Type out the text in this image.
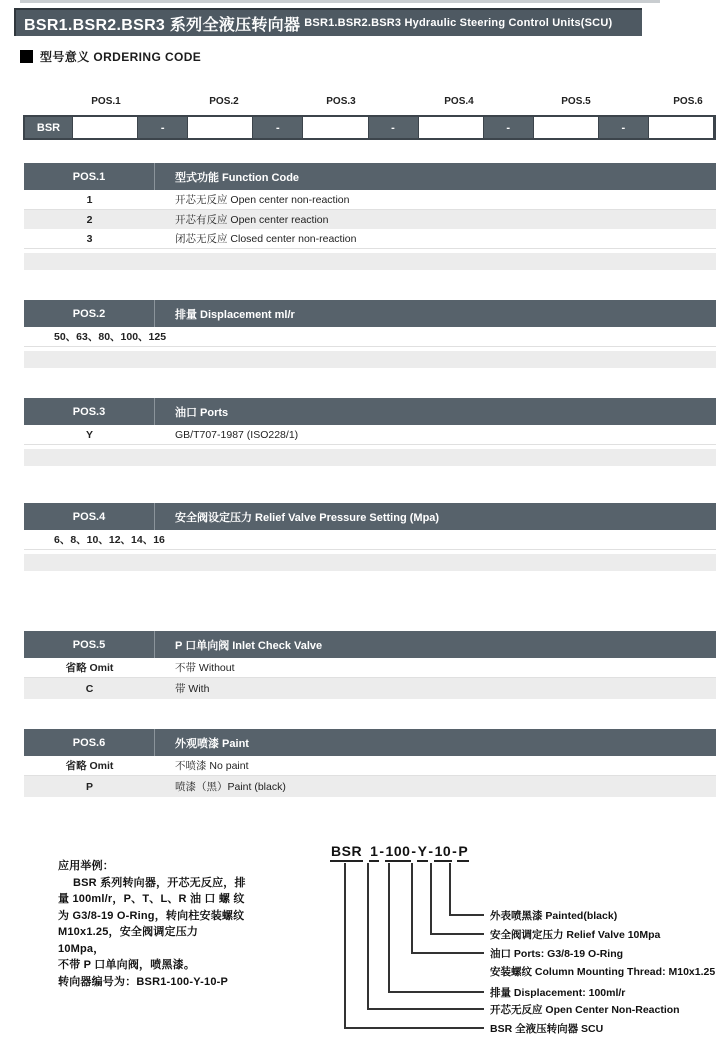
BSR1.BSR2.BSR3 系列全液压转向器 BSR1.BSR2.BSR3 Hydraulic Steering Control Units(SCU)
型号意义 ORDERING CODE
POS.1	POS.2	POS.3	POS.4	POS.5	POS.6
BSR	-	-	-	-	-
POS.1	型式功能 Function Code
1	开芯无反应 Open center non-reaction
2	开芯有反应 Open center reaction
3	闭芯无反应 Closed center non-reaction
POS.2	排量 Displacement ml/r
50、63、80、100、125
POS.3	油口 Ports
Y	GB/T707-1987 (ISO228/1)
POS.4	安全阀设定压力 Relief Valve Pressure Setting (Mpa)
6、8、10、12、14、16
POS.5	P 口单向阀 Inlet Check Valve
省略 Omit	不带 Without
C	带 With
POS.6	外观喷漆 Paint
省略 Omit	不喷漆 No paint
P	喷漆（黑）Paint (black)
应用举例：
BSR 系列转向器，开芯无反应，排
量 100ml/r，P、T、L、R 油 口 螺 纹
为 G3/8-19 O-Ring，转向柱安装螺纹
M10x1.25，安全阀调定压力 10Mpa，
不带 P 口单向阀，喷黑漆。
转向器编号为：BSR1-100-Y-10-P
BSR 1-100-Y-10-P
外表喷黑漆 Painted(black)
安全阀调定压力 Relief Valve 10Mpa
油口 Ports: G3/8-19 O-Ring
安装螺纹 Column Mounting Thread: M10x1.25
排量 Displacement: 100ml/r
开芯无反应 Open Center Non-Reaction
BSR 全液压转向器 SCU
